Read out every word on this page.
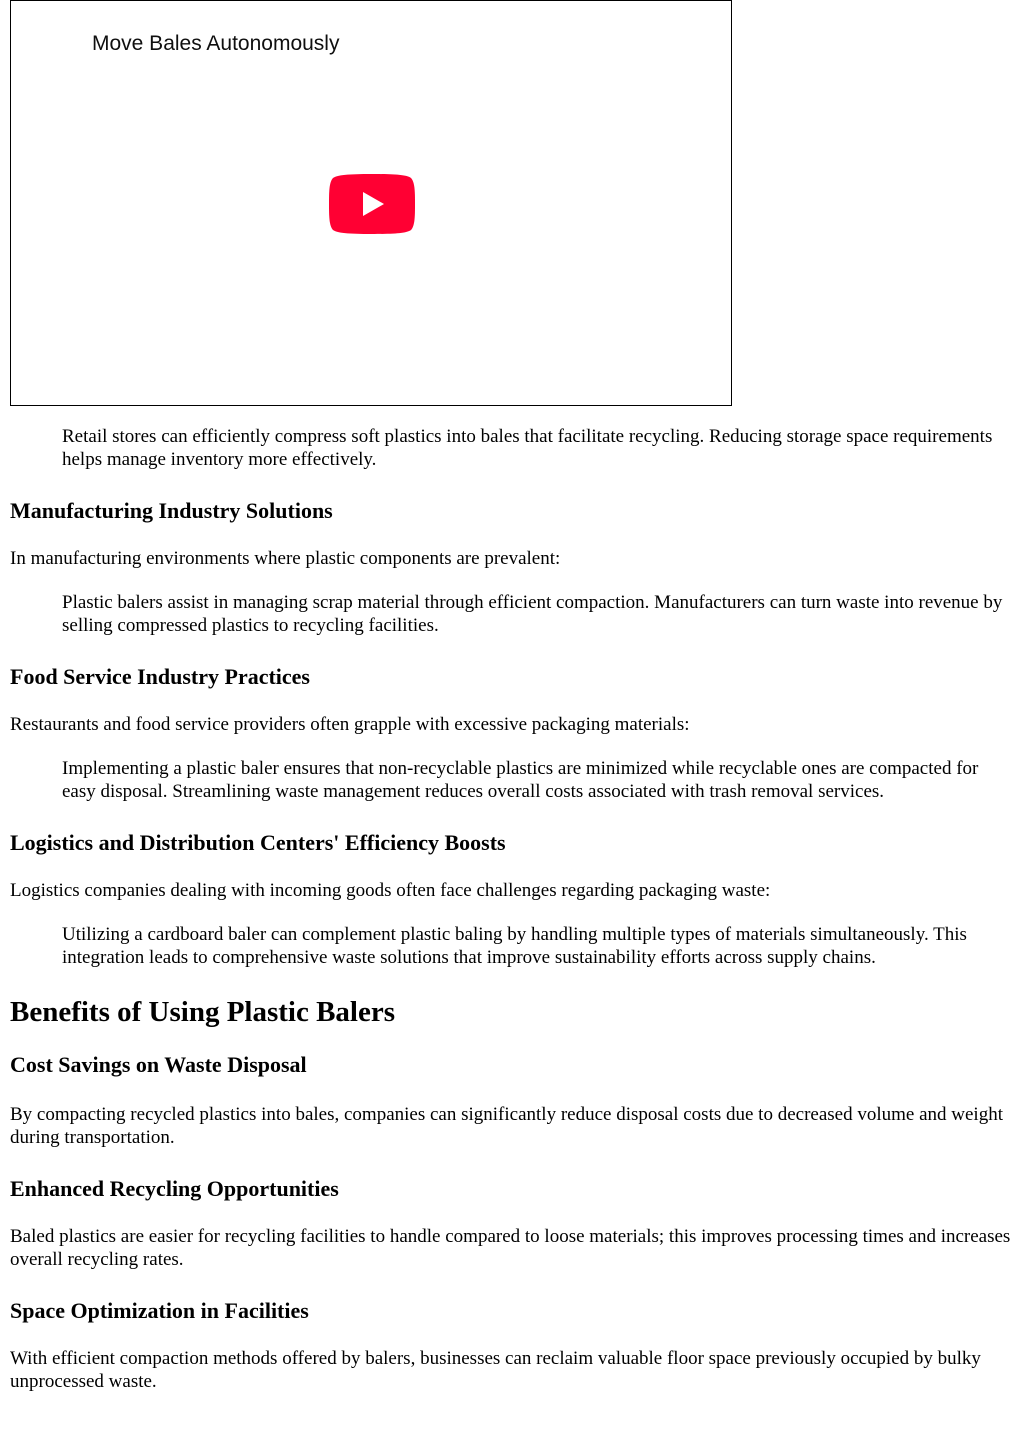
Move Bales Autonomously
Retail stores can efficiently compress soft plastics into bales that facilitate recycling. Reducing storage space requirements helps manage inventory more effectively.
Manufacturing Industry Solutions

In manufacturing environments where plastic components are prevalent:

Plastic balers assist in managing scrap material through efficient compaction. Manufacturers can turn waste into revenue by selling compressed plastics to recycling facilities.
Food Service Industry Practices

Restaurants and food service providers often grapple with excessive packaging materials:

Implementing a plastic baler ensures that non-recyclable plastics are minimized while recyclable ones are compacted for easy disposal. Streamlining waste management reduces overall costs associated with trash removal services.
Logistics and Distribution Centers' Efficiency Boosts

Logistics companies dealing with incoming goods often face challenges regarding packaging waste:

Utilizing a cardboard baler can complement plastic baling by handling multiple types of materials simultaneously. This integration leads to comprehensive waste solutions that improve sustainability efforts across supply chains.
Benefits of Using Plastic Balers
Cost Savings on Waste Disposal

By compacting recycled plastics into bales, companies can significantly reduce disposal costs due to decreased volume and weight during transportation.

Enhanced Recycling Opportunities

Baled plastics are easier for recycling facilities to handle compared to loose materials; this improves processing times and increases overall recycling rates.

Space Optimization in Facilities

With efficient compaction methods offered by balers, businesses can reclaim valuable floor space previously occupied by bulky unprocessed waste.
